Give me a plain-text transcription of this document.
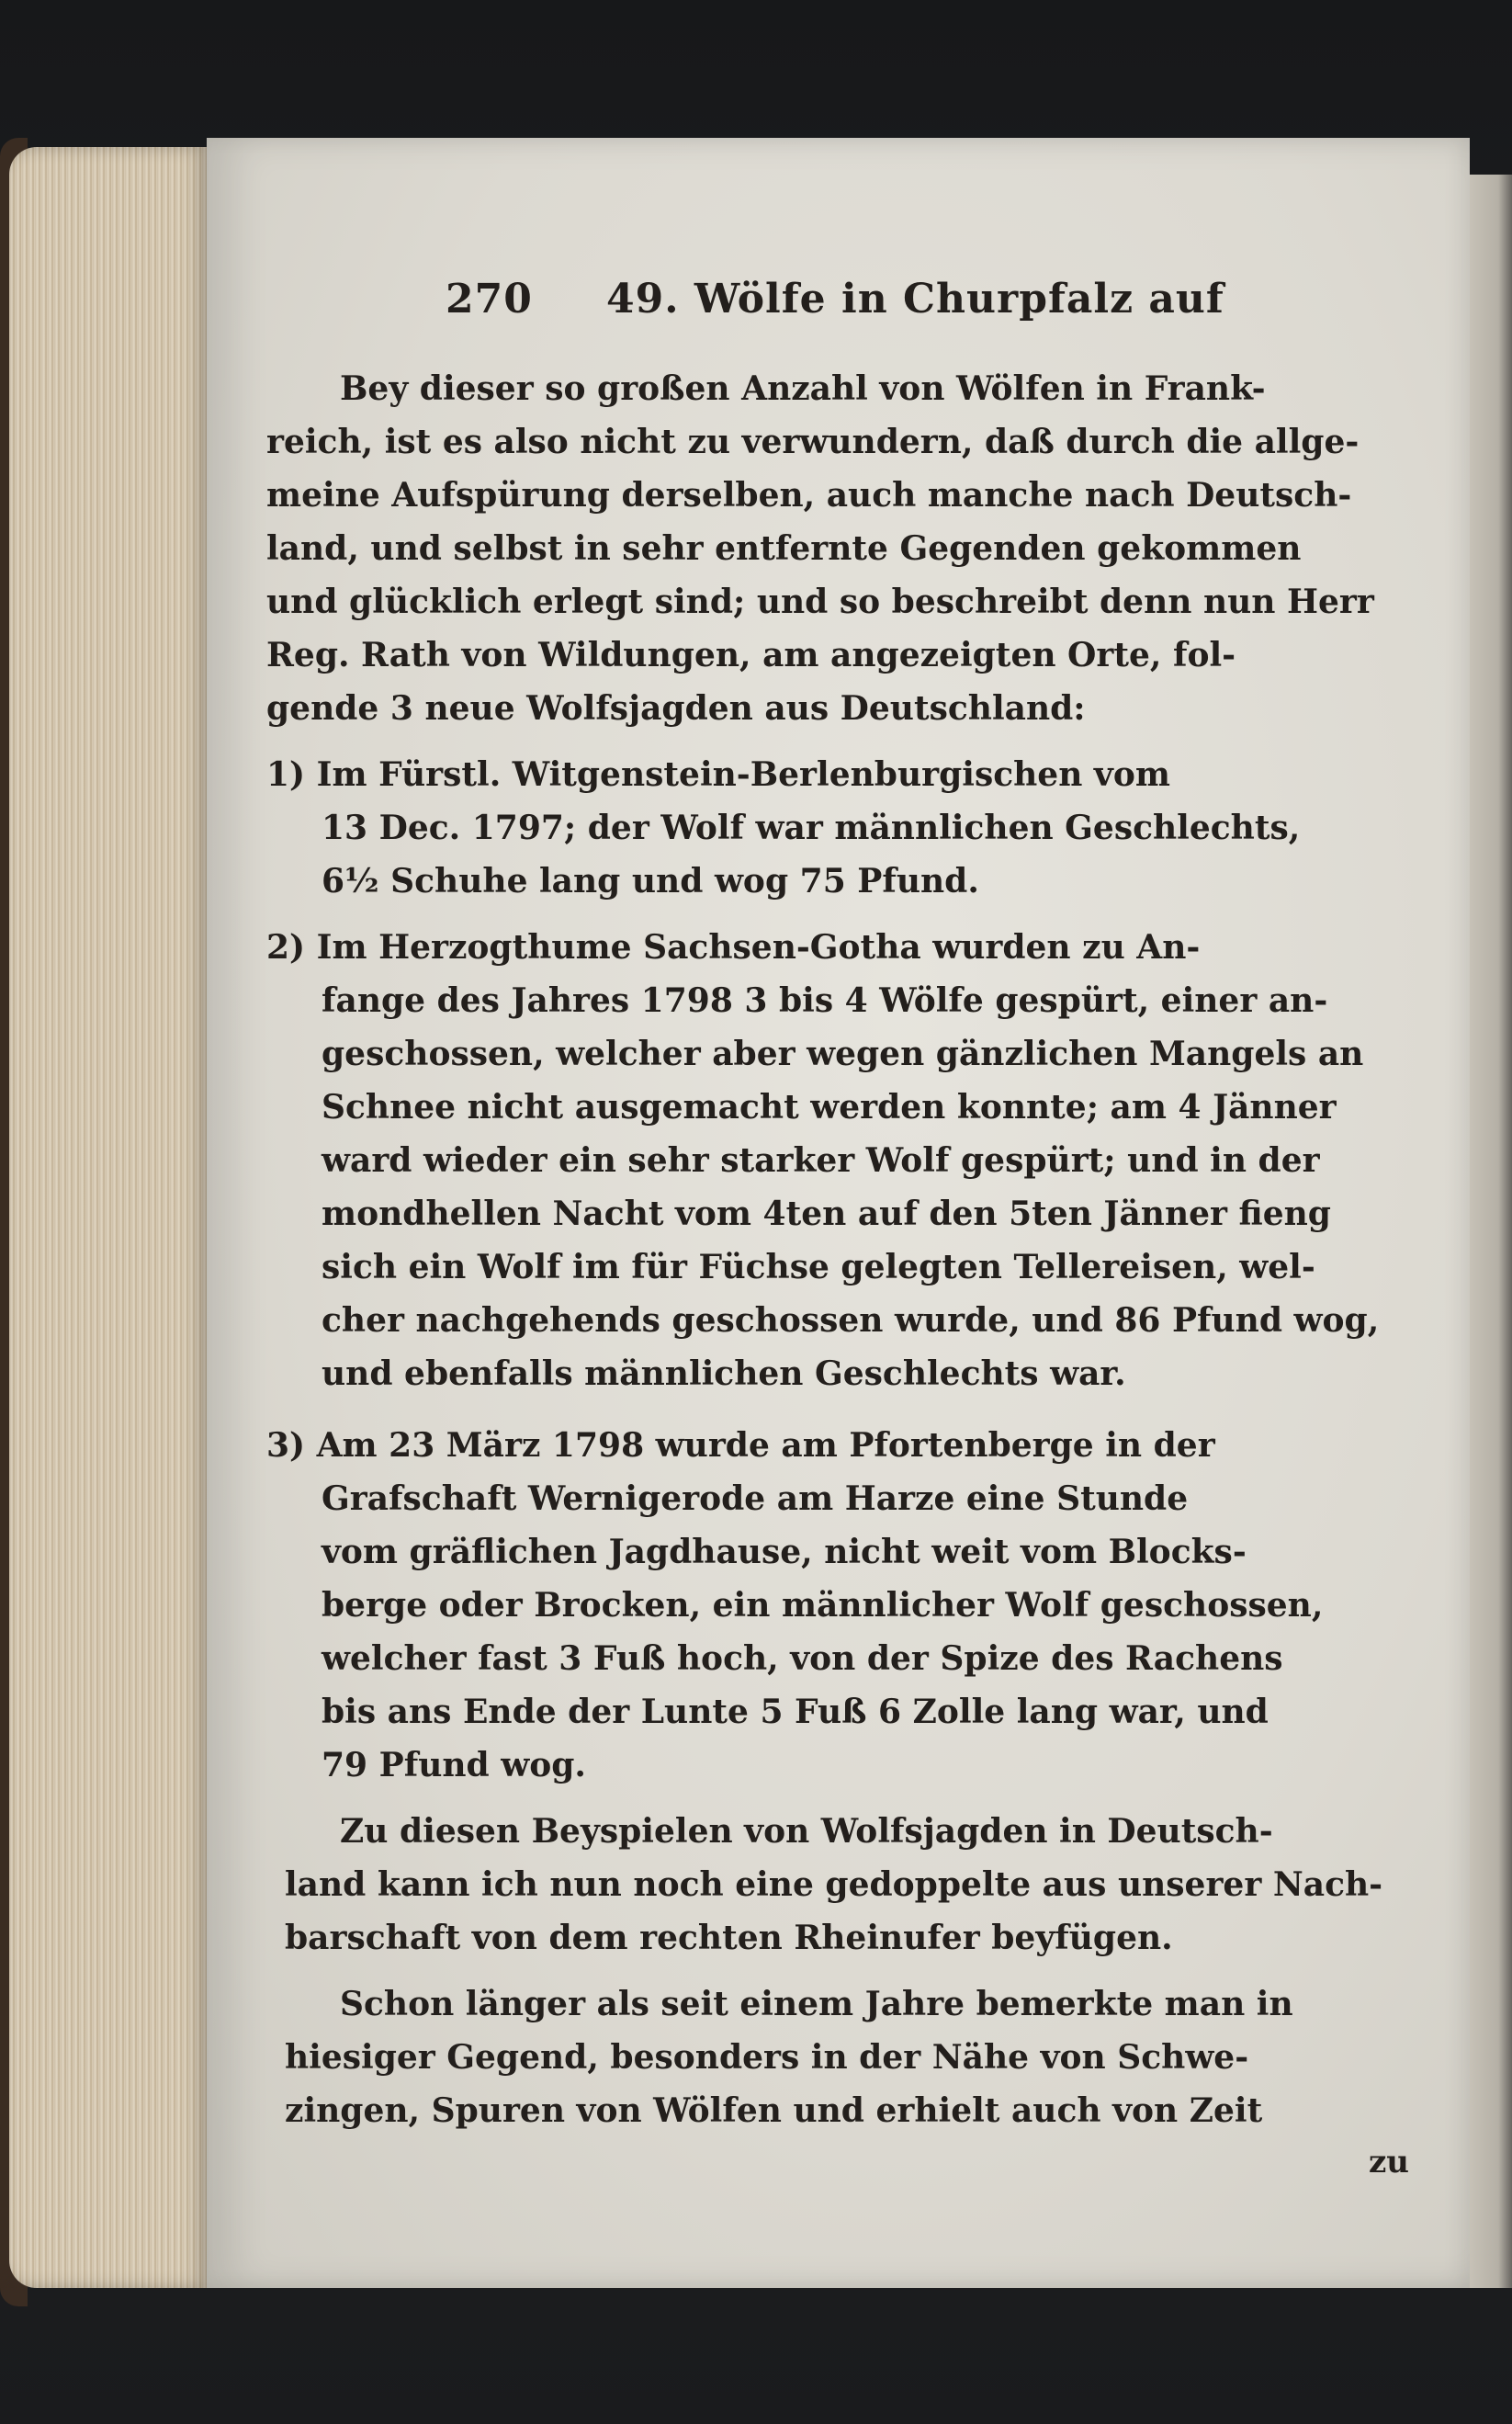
270 49. Wölfe in Churpfalz auf
Bey dieser so großen Anzahl von Wölfen in Frank-
reich, ist es also nicht zu verwundern, daß durch die allge-
meine Aufspürung derselben, auch manche nach Deutsch-
land, und selbst in sehr entfernte Gegenden gekommen
und glücklich erlegt sind; und so beschreibt denn nun Herr
Reg. Rath von Wildungen, am angezeigten Orte, fol-
gende 3 neue Wolfsjagden aus Deutschland:
1) Im Fürstl. Witgenstein-Berlenburgischen vom
13 Dec. 1797; der Wolf war männlichen Geschlechts,
6½ Schuhe lang und wog 75 Pfund.
2) Im Herzogthume Sachsen-Gotha wurden zu An-
fange des Jahres 1798 3 bis 4 Wölfe gespürt, einer an-
geschossen, welcher aber wegen gänzlichen Mangels an
Schnee nicht ausgemacht werden konnte; am 4 Jänner
ward wieder ein sehr starker Wolf gespürt; und in der
mondhellen Nacht vom 4ten auf den 5ten Jänner fieng
sich ein Wolf im für Füchse gelegten Tellereisen, wel-
cher nachgehends geschossen wurde, und 86 Pfund wog,
und ebenfalls männlichen Geschlechts war.
3) Am 23 März 1798 wurde am Pfortenberge in der
Grafschaft Wernigerode am Harze eine Stunde
vom gräflichen Jagdhause, nicht weit vom Blocks-
berge oder Brocken, ein männlicher Wolf geschossen,
welcher fast 3 Fuß hoch, von der Spize des Rachens
bis ans Ende der Lunte 5 Fuß 6 Zolle lang war, und
79 Pfund wog.
Zu diesen Beyspielen von Wolfsjagden in Deutsch-
land kann ich nun noch eine gedoppelte aus unserer Nach-
barschaft von dem rechten Rheinufer beyfügen.
Schon länger als seit einem Jahre bemerkte man in
hiesiger Gegend, besonders in der Nähe von Schwe-
zingen, Spuren von Wölfen und erhielt auch von Zeit
zu
